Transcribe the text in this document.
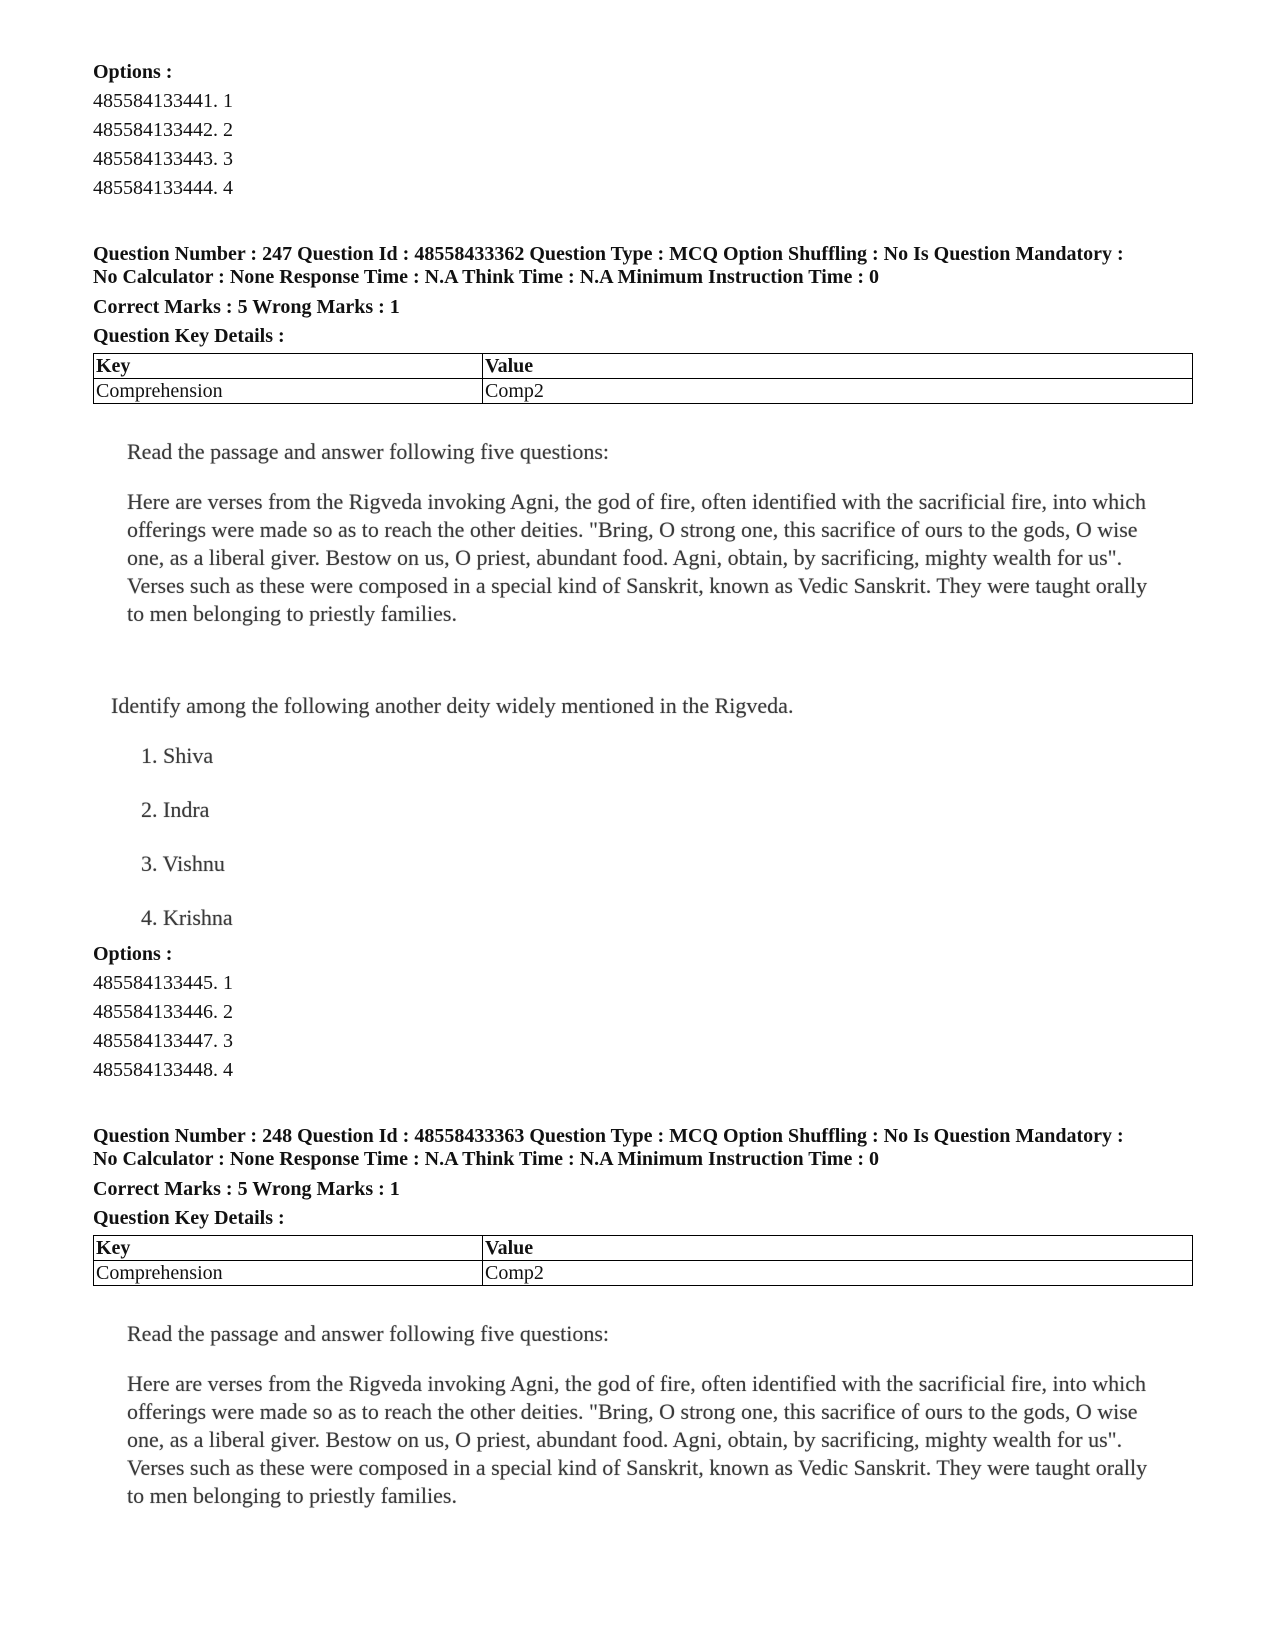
Options :
485584133441. 1
485584133442. 2
485584133443. 3
485584133444. 4
Question Number : 247 Question Id : 48558433362 Question Type : MCQ Option Shuffling : No Is Question Mandatory :
No Calculator : None Response Time : N.A Think Time : N.A Minimum Instruction Time : 0
Correct Marks : 5 Wrong Marks : 1
Question Key Details :
Key	Value
Comprehension	Comp2
Read the passage and answer following five questions:
Here are verses from the Rigveda invoking Agni, the god of fire, often identified with the sacrificial fire, into which offerings were made so as to reach the other deities. "Bring, O strong one, this sacrifice of ours to the gods, O wise one, as a liberal giver. Bestow on us, O priest, abundant food. Agni, obtain, by sacrificing, mighty wealth for us". Verses such as these were composed in a special kind of Sanskrit, known as Vedic Sanskrit. They were taught orally to men belonging to priestly families.
Identify among the following another deity widely mentioned in the Rigveda.
1. Shiva
2. Indra
3. Vishnu
4. Krishna
Options :
485584133445. 1
485584133446. 2
485584133447. 3
485584133448. 4
Question Number : 248 Question Id : 48558433363 Question Type : MCQ Option Shuffling : No Is Question Mandatory :
No Calculator : None Response Time : N.A Think Time : N.A Minimum Instruction Time : 0
Correct Marks : 5 Wrong Marks : 1
Question Key Details :
Key	Value
Comprehension	Comp2
Read the passage and answer following five questions:
Here are verses from the Rigveda invoking Agni, the god of fire, often identified with the sacrificial fire, into which offerings were made so as to reach the other deities. "Bring, O strong one, this sacrifice of ours to the gods, O wise one, as a liberal giver. Bestow on us, O priest, abundant food. Agni, obtain, by sacrificing, mighty wealth for us". Verses such as these were composed in a special kind of Sanskrit, known as Vedic Sanskrit. They were taught orally to men belonging to priestly families.
